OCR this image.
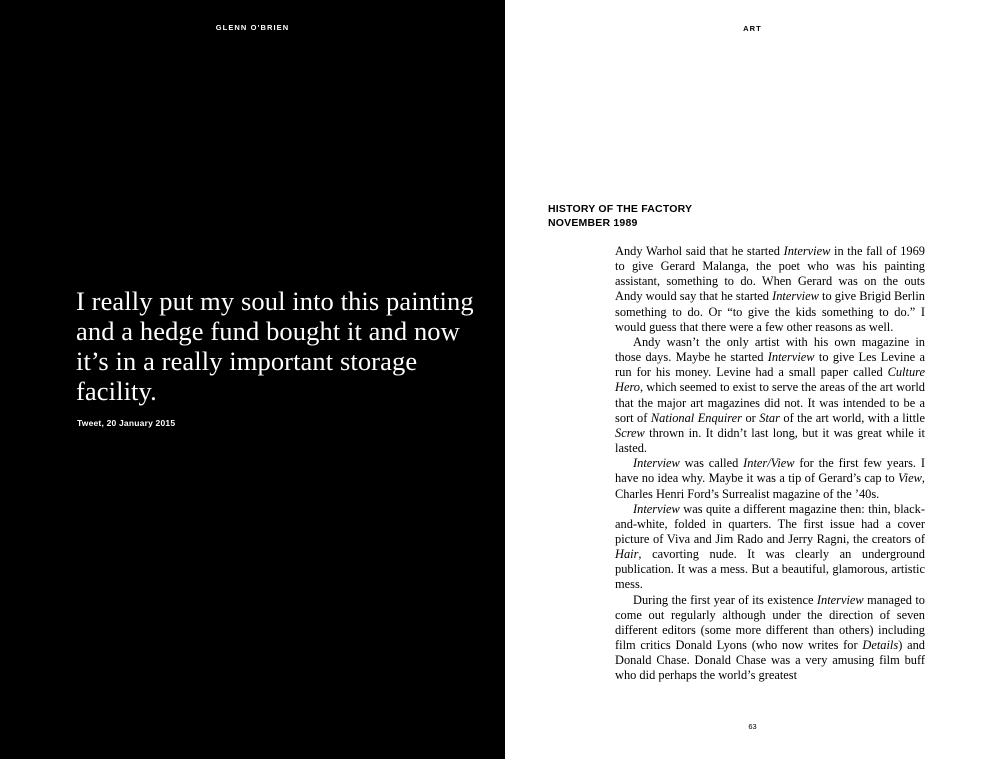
GLENN O'BRIEN
I really put my soul into this painting and a hedge fund bought it and now it’s in a really important storage facility.
Tweet, 20 January 2015
ART
HISTORY OF THE FACTORY
NOVEMBER 1989

Andy Warhol said that he started Interview in the fall of 1969 to give Gerard Malanga, the poet who was his painting assistant, something to do. When Gerard was on the outs Andy would say that he started Interview to give Brigid Berlin something to do. Or “to give the kids something to do.” I would guess that there were a few other reasons as well.

Andy wasn’t the only artist with his own magazine in those days. Maybe he started Interview to give Les Levine a run for his money. Levine had a small paper called Culture Hero, which seemed to exist to serve the areas of the art world that the major art magazines did not. It was intended to be a sort of National Enquirer or Star of the art world, with a little Screw thrown in. It didn’t last long, but it was great while it lasted.

Interview was called Inter/View for the first few years. I have no idea why. Maybe it was a tip of Gerard’s cap to View, Charles Henri Ford’s Surrealist magazine of the ’40s.

Interview was quite a different magazine then: thin, black-and-white, folded in quarters. The first issue had a cover picture of Viva and Jim Rado and Jerry Ragni, the creators of Hair, cavorting nude. It was clearly an underground publication. It was a mess. But a beautiful, glamorous, artistic mess.

During the first year of its existence Interview managed to come out regularly although under the direction of seven different editors (some more different than others) including film critics Donald Lyons (who now writes for Details) and Donald Chase. Donald Chase was a very amusing film buff who did perhaps the world’s greatest

63
